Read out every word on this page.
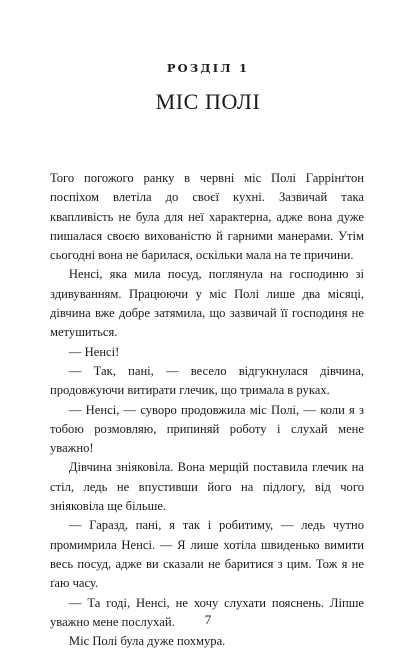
РОЗДІЛ 1
МІС ПОЛІ

Того погожого ранку в червні міс Полі Гаррінґтон поспіхом влетіла до своєї кухні. Зазвичай така квапливість не була для неї характерна, адже вона дуже пишалася своєю вихованістю й гарними манерами. Утім сьогодні вона не барилася, оскільки мала на те причини.

Ненсі, яка мила посуд, поглянула на господиню зі здивуванням. Працюючи у міс Полі лише два місяці, дівчина вже добре затямила, що зазвичай її господиня не метушиться.

— Ненсі!

— Так, пані, — весело відгукнулася дівчина, продовжуючи витирати глечик, що тримала в руках.

— Ненсі, — суворо продовжила міс Полі, — коли я з тобою розмовляю, припиняй роботу і слухай мене уважно!

Дівчина зніяковіла. Вона мерщій поставила глечик на стіл, ледь не впустивши його на підлогу, від чого зніяковіла ще більше.

— Гаразд, пані, я так і робитиму, — ледь чутно промимрила Ненсі. — Я лише хотіла швиденько вимити весь посуд, адже ви сказали не баритися з цим. Тож я не ґаю часу.

— Та годі, Ненсі, не хочу слухати пояснень. Ліпше уважно мене послухай.

Міс Полі була дуже похмура.

7
